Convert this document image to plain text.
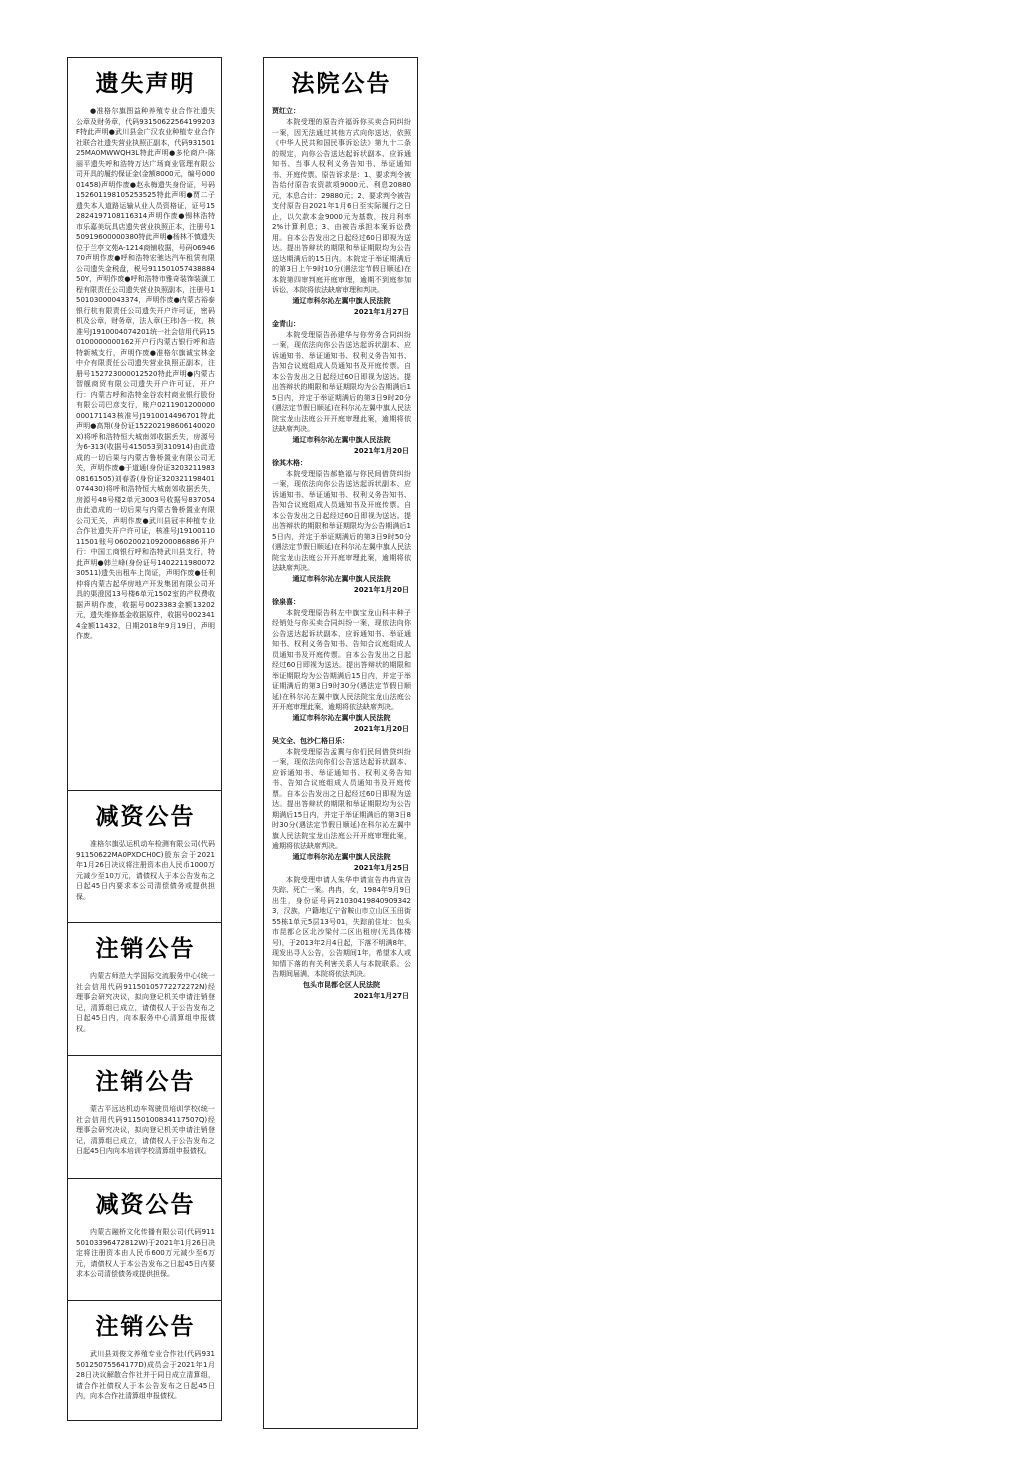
遗失声明
●准格尔旗图益种养殖专业合作社遗失公章及财务章，代码93150622564199203F特此声明●武川县金广汉农业种植专业合作社联合社遗失营业执照正副本，代码93150125MA0MWWQH3L特此声明●多伦商户-陈丽平遗失呼和浩特万达广场商业管理有限公司开具的履约保证金(金额8000元，编号00001458)声明作废●赵永梅遗失身份证，号码152601198105253525特此声明●贾二子遗失本人道路运输从业人员资格证，证号152824197108116314声明作废●锡林浩特市乐嘉美玩具店遗失营业执照正本，注册号150919600000380特此声明●杨林不慎遗失位于兰亭文苑A-1214商铺收据，号码0694670声明作废●呼和浩特宏驰达汽车租赁有限公司遗失金税盘，税号91150105743888450Y，声明作废●呼和浩特市雅奇装饰装潢工程有限责任公司遗失营业执照副本，注册号150103000043374，声明作废●内蒙古裕泰银行杭有限责任公司遗失开户许可证，密码机及公章，财务章，法人章(王玮)各一枚，核准号J1910004074201统一社会信用代码150100000000162开户行内蒙古银行呼和浩特新城支行，声明作废●准格尔旗诚宝林金中介有限责任公司遗失营业执照正副本，注册号152723000012520特此声明●内蒙古智舰商贸有限公司遗失开户许可证，开户行：内蒙古呼和浩特金谷农村商业银行股份有限公司巴彦支行，账户0211901200000000171143核准号J1910014496701特此声明●高翔(身份证152202198606140020X)将呼和浩特恒大城南郊收据丢失，房源号为6-313(收据号415053到310914)由此造成的一切后果与内蒙古鲁桥置业有限公司无关，声明作废●于道通(身份证320321198308161505)刘春香(身份证320321198401074430)将呼和浩特恒大城南郊收据丢失，房源号48号楼2单元3003号收据号837054由此造成的一切后果与内蒙古鲁桥置业有限公司无关，声明作废●武川县冠丰种植专业合作社遗失开户许可证，核准号J1910011011501账号0602002109200086886开户行：中国工商银行呼和浩特武川县支行，特此声明●韩兰峰(身份证号140221198007230511)遗失出租车上岗证，声明作废●任利仲将内蒙古起华房地产开发集团有限公司开具的渠澄园13号楼6单元1502室的产权费收据声明作废，收据号0023383金额13202元，遗失维修基金收据原件，收据号0023414金额11432，日期2018年9月19日，声明作废。
减资公告
准格尔旗弘运机动车检测有限公司(代码91150622MA0PXDCH0C)股东会于2021年1月26日决议将注册资本由人民币1000万元减少至10万元，请债权人于本公告发布之日起45日内要求本公司清偿债务或提供担保。
注销公告
内蒙古师范大学国际交流服务中心(统一社会信用代码91150105772272272N)经理事会研究决议，拟向登记机关申请注销登记，清算组已成立，请债权人于公告发布之日起45日内，向本服务中心清算组申报债权。
注销公告
蒙古平远达机动车驾驶员培训学校(统一社会信用代码91150100834117507Q)经理事会研究决议，拟向登记机关申请注销登记，清算组已成立，请债权人于公告发布之日起45日内向本培训学校清算组申报债权。
减资公告
内蒙古融桥文化传播有限公司(代码91150103396472812W)于2021年1月26日决定将注册资本由人民币600万元减少至6万元，请债权人于本公告发布之日起45日内要求本公司清偿债务或提供担保。
注销公告
武川县刘俊文养殖专业合作社(代码93150125075564177D)成员会于2021年1月28日决议解散合作社并于同日成立清算组，请合作社债权人于本公告发布之日起45日内，向本合作社清算组申报债权。
法院公告
贾红立：
本院受理的原告许福诉你买卖合同纠纷一案，因无法通过其他方式向你送达，依照《中华人民共和国民事诉讼法》第九十二条的规定，向你公告送达起诉状副本、应诉通知书、当事人权利义务告知书、举证通知书、开庭传票。原告诉求是：1、要求判令被告给付原告农资款项9000元、利息20880元，本息合计：29880元；2、要求判令被告支付原告自2021年1月6日至实际履行之日止，以欠款本金9000元为基数，按月利率2%计算利息；3、由被告承担本案诉讼费用。自本公告发出之日起经过60日即视为送达。提出答辩状的期限和举证期限均为公告送达期满后的15日内。本院定于举证期满后的第3日上午9时10分(遇法定节假日顺延)在本院第四审判庭开庭审理，逾期不到庭参加诉讼，本院将依法缺席审理和判决。
通辽市科尔沁左翼中旗人民法院
2021年1月27日
金青山：
本院受理原告孙建华与你劳务合同纠纷一案，现依法向你公告送达起诉状副本、应诉通知书、举证通知书、权利义务告知书、告知合议庭组成人员通知书及开庭传票。自本公告发出之日起经过60日即视为送达。提出答辩状的期限和举证期限均为公告期满后15日内，并定于举证期满后的第3日9时20分(遇法定节假日顺延)在科尔沁左翼中旗人民法院宝龙山法庭公开开庭审理此案，逾期将依法缺席判决。
通辽市科尔沁左翼中旗人民法院
2021年1月20日
徐其木格：
本院受理原告郝艳福与你民间借贷纠纷一案，现依法向你公告送达起诉状副本、应诉通知书、举证通知书、权利义务告知书、告知合议庭组成人员通知书及开庭传票。自本公告发出之日起经过60日即视为送达。提出答辩状的期限和举证期限均为公告期满后15日内，并定于举证期满后的第3日9时50分(遇法定节假日顺延)在科尔沁左翼中旗人民法院宝龙山法庭公开开庭审理此案，逾期将依法缺席判决。
通辽市科尔沁左翼中旗人民法院
2021年1月20日
徐泉喜：
本院受理原告科左中旗宝龙山科丰种子经销处与你买卖合同纠纷一案，现依法向你公告送达起诉状副本、应诉通知书、举证通知书、权利义务告知书、告知合议庭组成人员通知书及开庭传票。自本公告发出之日起经过60日即视为送达。提出答辩状的期限和举证期限均为公告期满后15日内，并定于举证期满后的第3日9时30分(遇法定节假日顺延)在科尔沁左翼中旗人民法院宝龙山法庭公开开庭审理此案，逾期将依法缺席判决。
通辽市科尔沁左翼中旗人民法院
2021年1月20日
吴文全、包沙仁格日乐：
本院受理原告孟冀与你们民间借贷纠纷一案，现依法向你们公告送达起诉状副本、应诉通知书、举证通知书、权利义务告知书、告知合议庭组成人员通知书及开庭传票。自本公告发出之日起经过60日即视为送达。提出答辩状的期限和举证期限均为公告期满后15日内，并定于举证期满后的第3日8时30分(遇法定节假日顺延)在科尔沁左翼中旗人民法院宝龙山法庭公开开庭审理此案，逾期将依法缺席判决。
通辽市科尔沁左翼中旗人民法院
2021年1月25日
本院受理申请人朱华申请宣告冉冉宣告失踪、死亡一案。冉冉，女，1984年9月9日出生，身份证号码210304198409093423，汉族，户籍地辽宁省鞍山市立山区玉田街55栋1单元5层13号01，失踪前住址：包头市昆都仑区北沙梁付二区出租房(无具体楼号)，于2013年2月4日起，下落不明满8年，现发出寻人公告，公告期间1年，希望本人或知情下落的有关利害关系人与本院联系。公告期间届满，本院将依法判决。
包头市昆都仑区人民法院
2021年1月27日
